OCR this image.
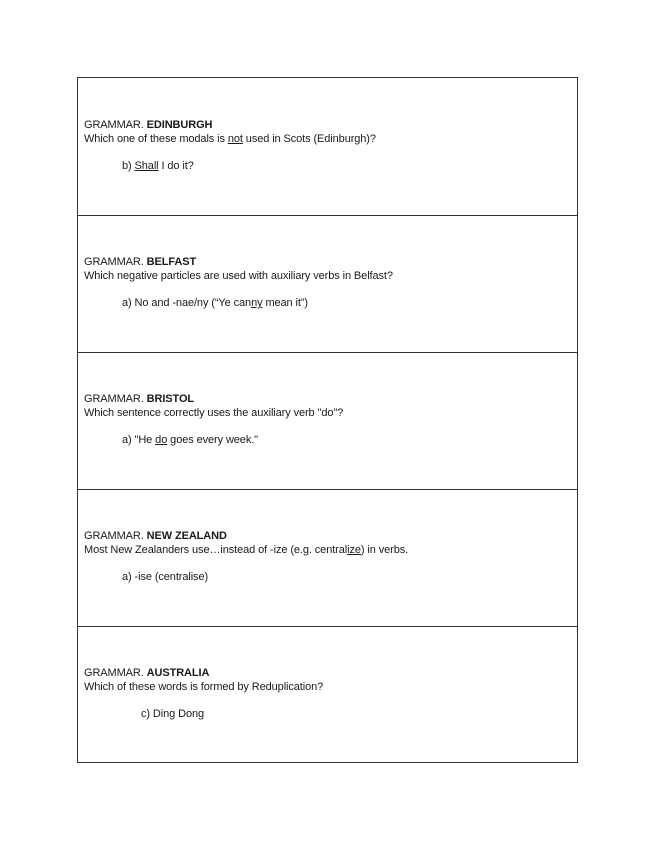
GRAMMAR. EDINBURGH
Which one of these modals is not used in Scots (Edinburgh)?
b) Shall I do it?
GRAMMAR. BELFAST
Which negative particles are used with auxiliary verbs in Belfast?
a) No and -nae/ny (“Ye canny mean it”)
GRAMMAR. BRISTOL
Which sentence correctly uses the auxiliary verb "do"?
a) "He do goes every week."
GRAMMAR. NEW ZEALAND
Most New Zealanders use…instead of -ize (e.g. centralize) in verbs.
a) -ise (centralise)
GRAMMAR. AUSTRALIA
Which of these words is formed by Reduplication?
c) Ding Dong
